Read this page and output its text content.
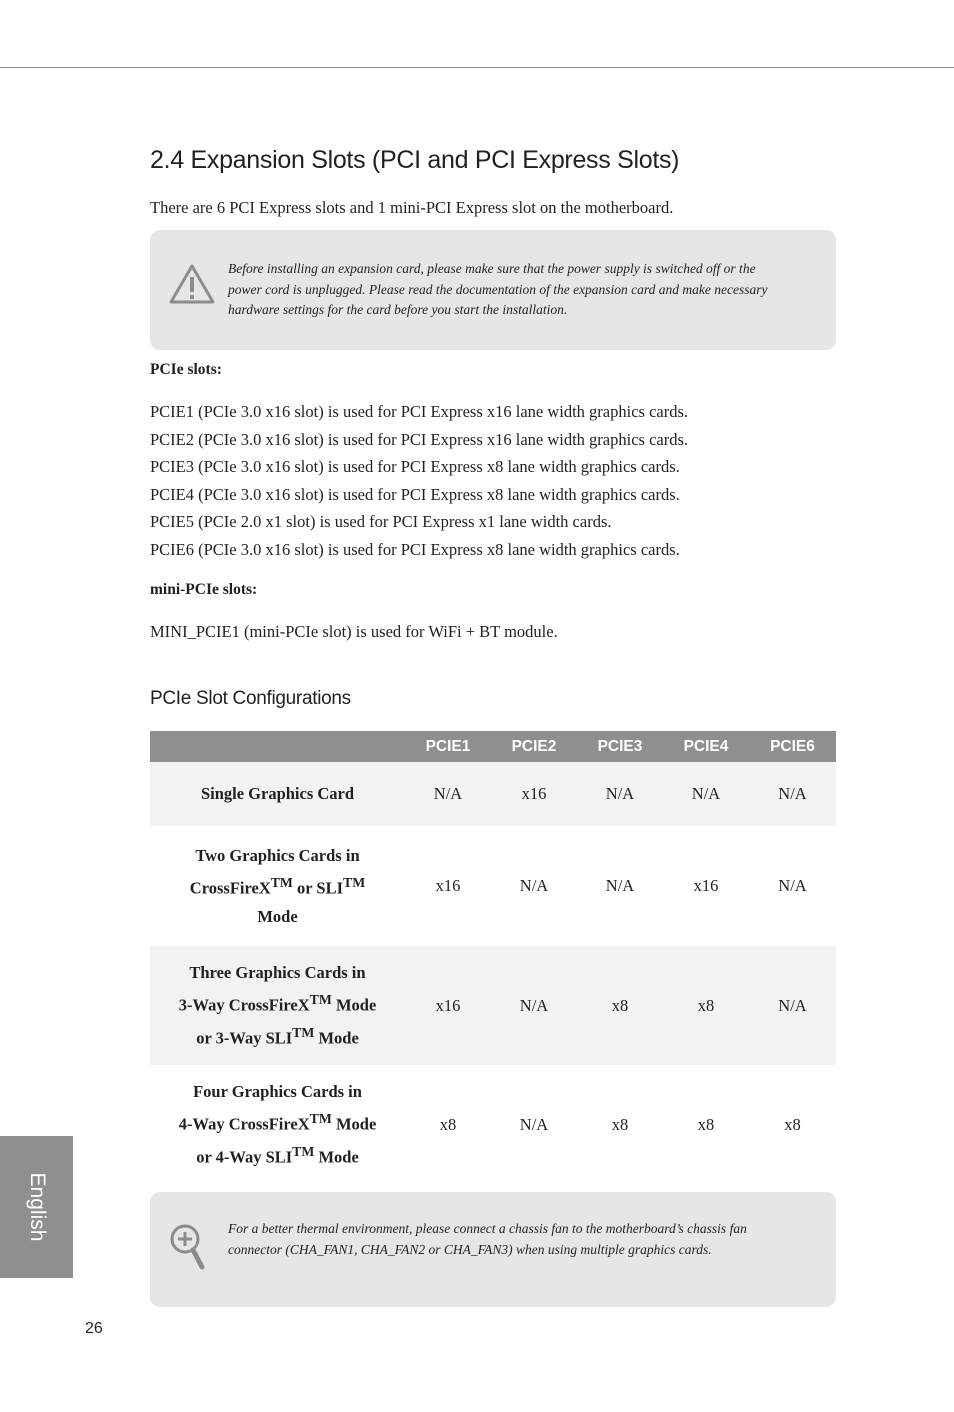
2.4 Expansion Slots (PCI and PCI Express Slots)
There are 6 PCI Express slots and 1 mini-PCI Express slot on the motherboard.
Before installing an expansion card, please make sure that the power supply is switched off or the power cord is unplugged. Please read the documentation of the expansion card and make necessary hardware settings for the card before you start the installation.
PCIe slots:
PCIE1 (PCIe 3.0 x16 slot) is used for PCI Express x16 lane width graphics cards.
PCIE2 (PCIe 3.0 x16 slot) is used for PCI Express x16 lane width graphics cards.
PCIE3 (PCIe 3.0 x16 slot) is used for PCI Express x8 lane width graphics cards.
PCIE4 (PCIe 3.0 x16 slot) is used for PCI Express x8 lane width graphics cards.
PCIE5 (PCIe 2.0 x1 slot) is used for PCI Express x1 lane width cards.
PCIE6 (PCIe 3.0 x16 slot) is used for PCI Express x8 lane width graphics cards.
mini-PCIe slots:
MINI_PCIE1 (mini-PCIe slot) is used for WiFi + BT module.
PCIe Slot Configurations
	PCIE1	PCIE2	PCIE3	PCIE4	PCIE6

Single Graphics Card	N/A	x16	N/A	N/A	N/A

Two Graphics Cards in
CrossFireX™ or SLI™
Mode	x16	N/A	N/A	x16	N/A

Three Graphics Cards in
3-Way CrossFireX™ Mode
or 3-Way SLI™ Mode	x16	N/A	x8	x8	N/A

Four Graphics Cards in
4-Way CrossFireX™ Mode
or 4-Way SLI™ Mode	x8	N/A	x8	x8	x8
For a better thermal environment, please connect a chassis fan to the motherboard’s chassis fan connector (CHA_FAN1, CHA_FAN2 or CHA_FAN3) when using multiple graphics cards.
English
26
